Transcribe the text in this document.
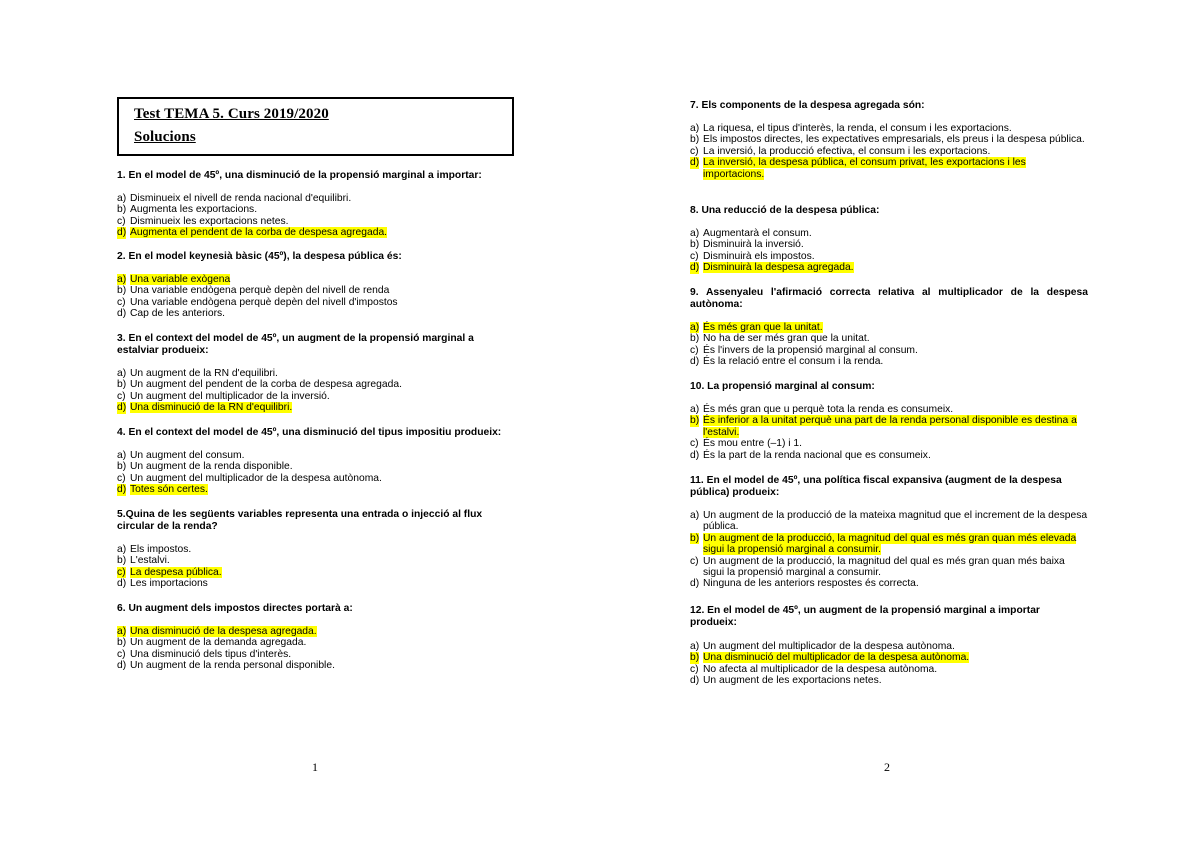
Test TEMA 5. Curs 2019/2020
Solucions
1. En el model de 45º, una disminució de la propensió marginal a importar:
a) Disminueix el nivell de renda nacional d'equilibri.
b) Augmenta les exportacions.
c) Disminueix les exportacions netes.
d) Augmenta el pendent de la corba de despesa agregada.
2. En el model keynesià bàsic (45º), la despesa pública és:
a) Una variable exògena
b) Una variable endògena perquè depèn del nivell de renda
c) Una variable endògena perquè depèn del nivell d'impostos
d) Cap de les anteriors.
3. En el context del model de 45º, un augment de la propensió marginal a estalviar produeix:
a) Un augment de la RN d'equilibri.
b) Un augment del pendent de la corba de despesa agregada.
c) Un augment del multiplicador de la inversió.
d) Una disminució de la RN d'equilibri.
4. En el context del model de 45º, una disminució del tipus impositiu produeix:
a) Un augment del consum.
b) Un augment de la renda disponible.
c) Un augment del multiplicador de la despesa autònoma.
d) Totes són certes.
5.Quina de les següents variables representa una entrada o injecció al flux circular de la renda?
a) Els impostos.
b) L'estalvi.
c) La despesa pública.
d) Les importacions
6. Un augment dels impostos directes portarà a:
a) Una disminució de la despesa agregada.
b) Un augment de la demanda agregada.
c) Una disminució dels tipus d'interès.
d) Un augment de la renda personal disponible.
1
7. Els components de la despesa agregada són:
a) La riquesa, el tipus d'interès, la renda, el consum i les exportacions.
b) Els impostos directes, les expectatives empresarials, els preus i la despesa pública.
c) La inversió, la producció efectiva, el consum i les exportacions.
d) La inversió, la despesa pública, el consum privat, les exportacions i les importacions.
8. Una reducció de la despesa pública:
a) Augmentarà el consum.
b) Disminuirà la inversió.
c) Disminuirà els impostos.
d) Disminuirà la despesa agregada.
9. Assenyaleu l'afirmació correcta relativa al multiplicador de la despesa autònoma:
a) És més gran que la unitat.
b) No ha de ser més gran que la unitat.
c) És l'invers de la propensió marginal al consum.
d) És la relació entre el consum i la renda.
10. La propensió marginal al consum:
a) És més gran que u perquè tota la renda es consumeix.
b) És inferior a la unitat perquè una part de la renda personal disponible es destina a l'estalvi.
c) És mou entre (–1) i 1.
d) És la part de la renda nacional que es consumeix.
11. En el model de 45º, una política fiscal expansiva (augment de la despesa pública) produeix:
a) Un augment de la producció de la mateixa magnitud que el increment de la despesa pública.
b) Un augment de la producció, la magnitud del qual es més gran quan més elevada sigui la propensió marginal a consumir.
c) Un augment de la producció, la magnitud del qual es més gran quan més baixa sigui la propensió marginal a consumir.
d) Ninguna de les anteriors respostes és correcta.
12. En el model de 45º, un augment de la propensió marginal a importar produeix:
a) Un augment del multiplicador de la despesa autònoma.
b) Una disminució del multiplicador de la despesa autònoma.
c) No afecta al multiplicador de la despesa autònoma.
d) Un augment de les exportacions netes.
2
